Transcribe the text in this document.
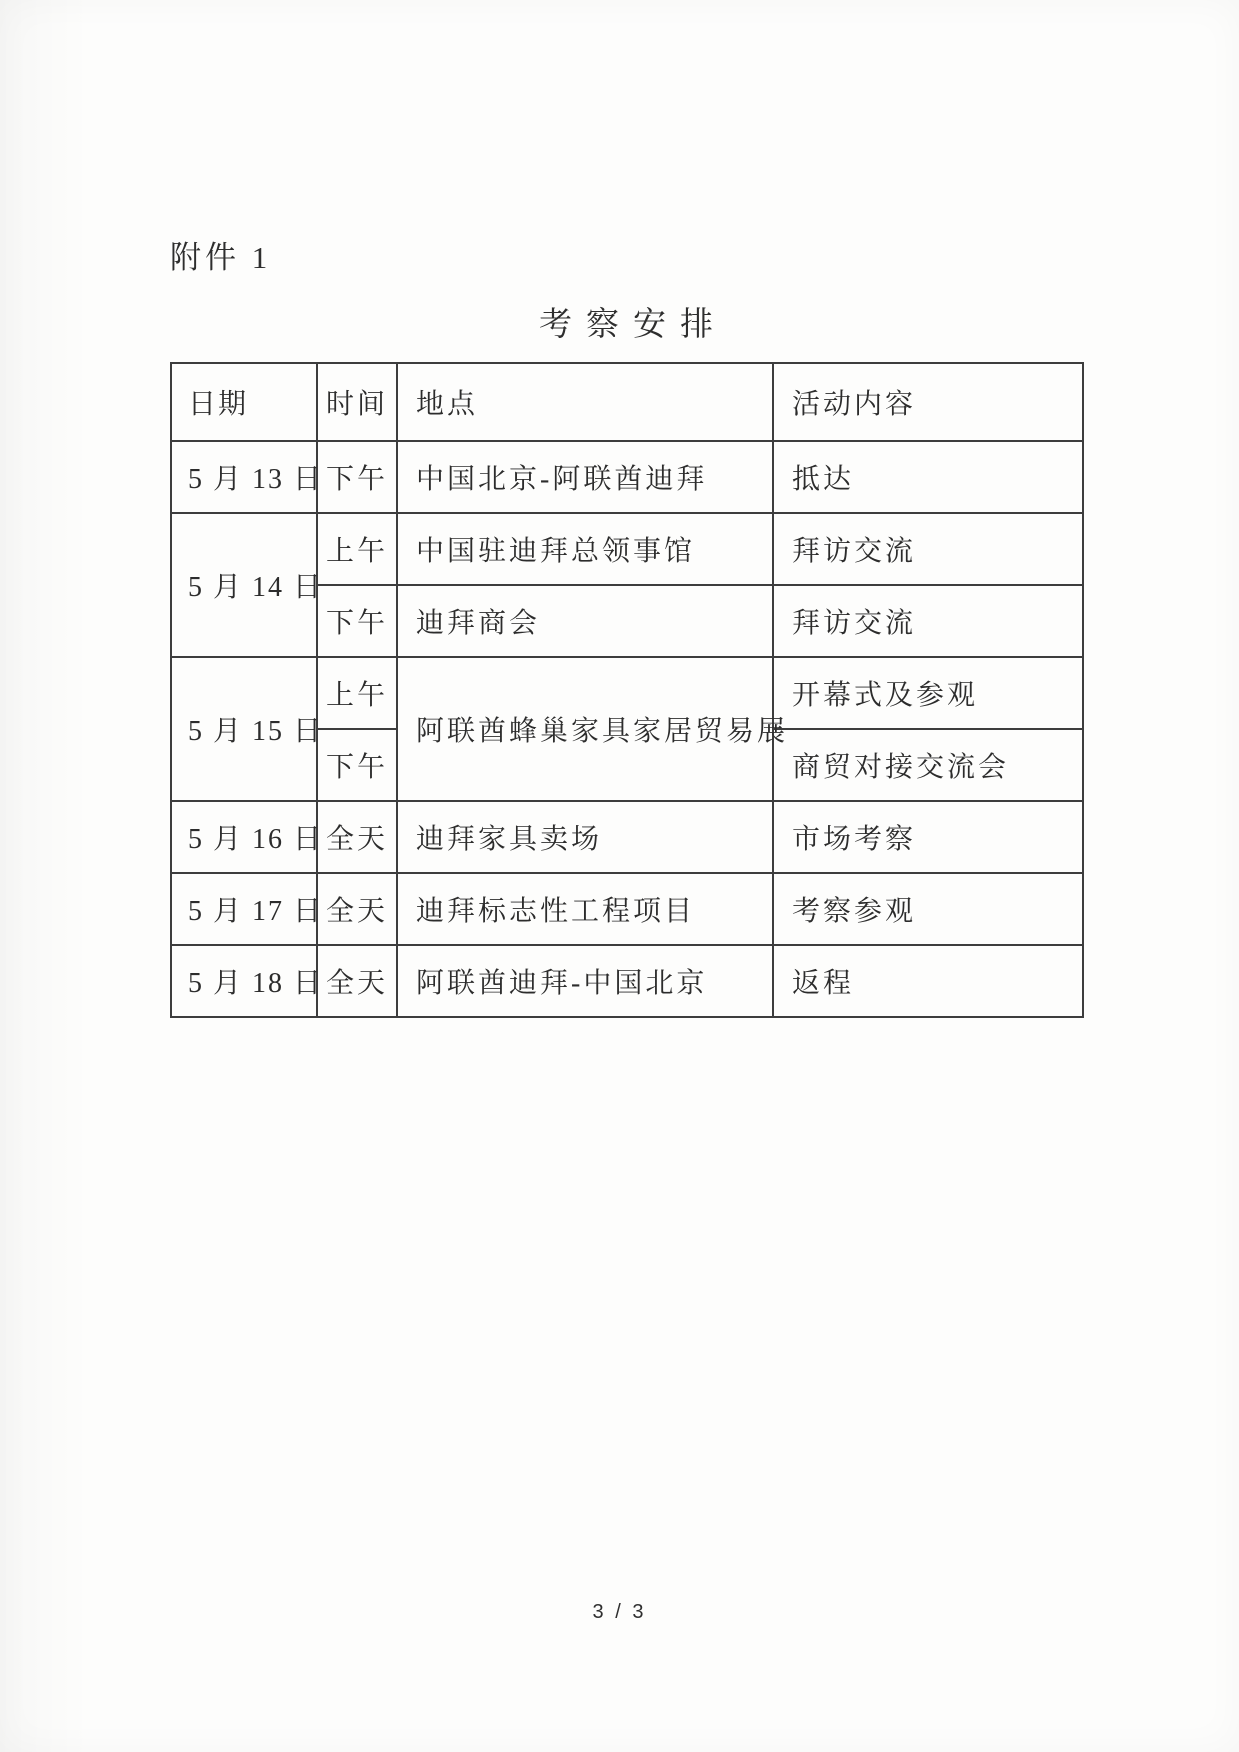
附件 1
考察安排
日期	时间	地点	活动内容
5 月 13 日	下午	中国北京-阿联酋迪拜	抵达
5 月 14 日	上午	中国驻迪拜总领事馆	拜访交流
	下午	迪拜商会	拜访交流
5 月 15 日	上午	阿联酋蜂巢家具家居贸易展	开幕式及参观
	下午		商贸对接交流会
5 月 16 日	全天	迪拜家具卖场	市场考察
5 月 17 日	全天	迪拜标志性工程项目	考察参观
5 月 18 日	全天	阿联酋迪拜-中国北京	返程
3 / 3
